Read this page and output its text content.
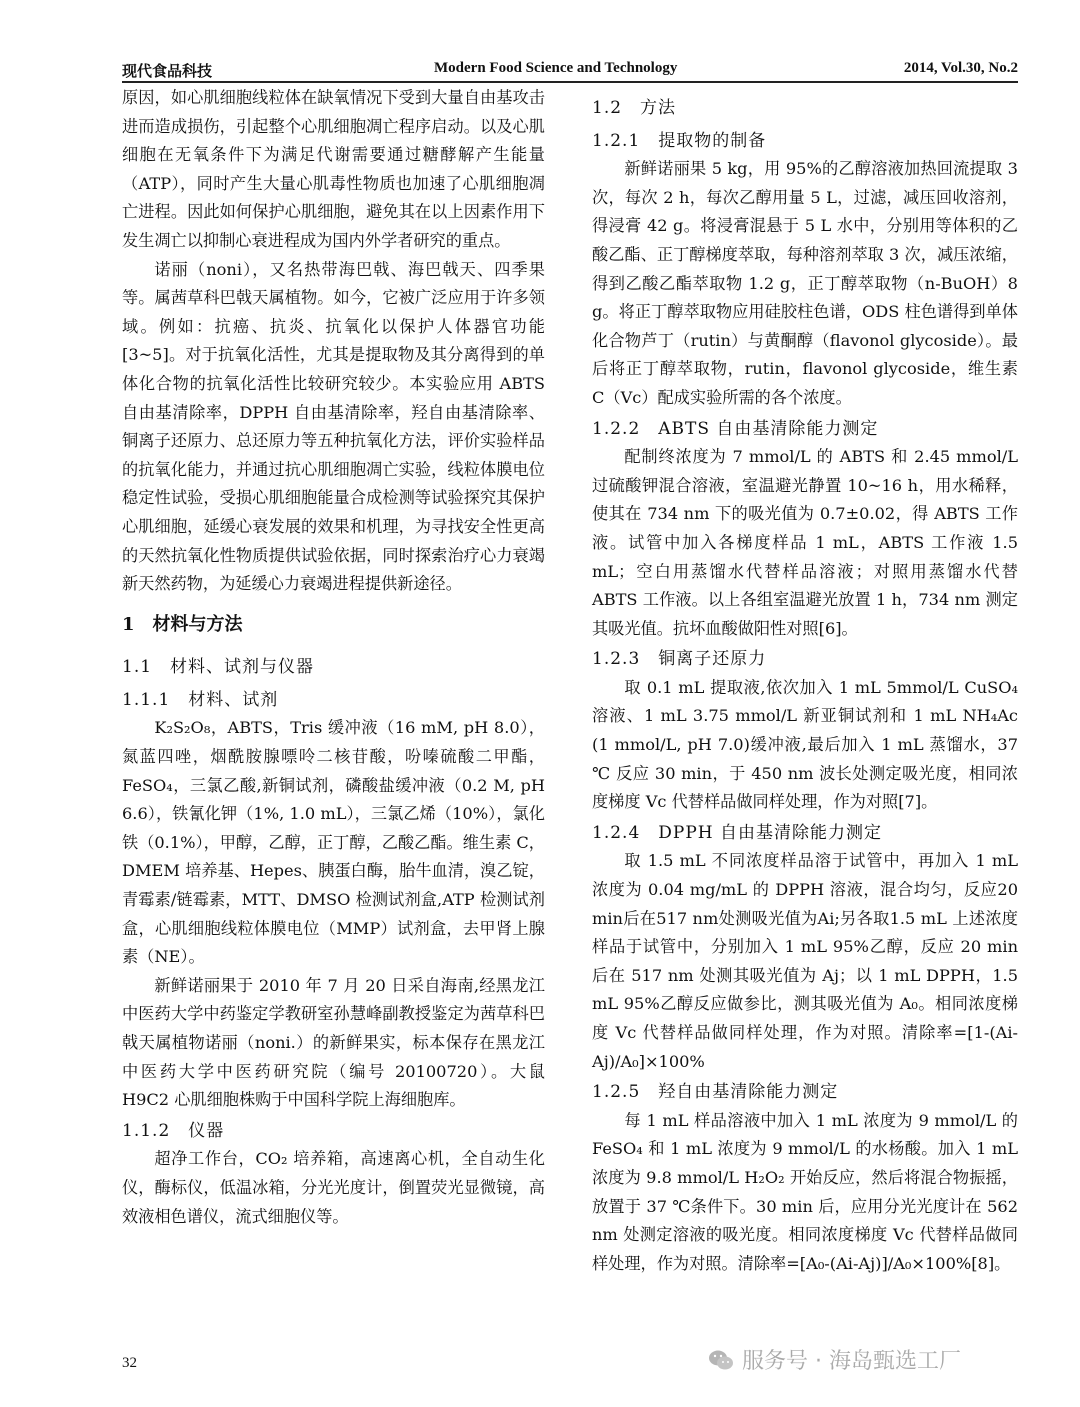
现代食品科技	Modern Food Science and Technology	2014, Vol.30, No.2

原因，如心肌细胞线粒体在缺氧情况下受到大量自由基攻击进而造成损伤，引起整个心肌细胞凋亡程序启动。以及心肌细胞在无氧条件下为满足代谢需要通过糖酵解产生能量（ATP），同时产生大量心肌毒性物质也加速了心肌细胞凋亡进程。因此如何保护心肌细胞，避免其在以上因素作用下发生凋亡以抑制心衰进程成为国内外学者研究的重点。

诺丽（noni），又名热带海巴戟、海巴戟天、四季果等。属茜草科巴戟天属植物。如今，它被广泛应用于许多领域。例如：抗癌、抗炎、抗氧化以保护人体器官功能[3~5]。对于抗氧化活性，尤其是提取物及其分离得到的单体化合物的抗氧化活性比较研究较少。本实验应用 ABTS 自由基清除率，DPPH 自由基清除率，羟自由基清除率、铜离子还原力、总还原力等五种抗氧化方法，评价实验样品的抗氧化能力，并通过抗心肌细胞凋亡实验，线粒体膜电位稳定性试验，受损心肌细胞能量合成检测等试验探究其保护心肌细胞，延缓心衰发展的效果和机理，为寻找安全性更高的天然抗氧化性物质提供试验依据，同时探索治疗心力衰竭新天然药物，为延缓心力衰竭进程提供新途径。

1　材料与方法

1.1　材料、试剂与仪器

1.1.1　材料、试剂

K₂S₂O₈，ABTS，Tris 缓冲液（16 mM, pH 8.0），氮蓝四唑，烟酰胺腺嘌呤二核苷酸，吩嗪硫酸二甲酯，FeSO₄，三氯乙酸,新铜试剂，磷酸盐缓冲液（0.2 M, pH 6.6），铁氰化钾（1%, 1.0 mL），三氯乙烯（10%），氯化铁（0.1%），甲醇，乙醇，正丁醇，乙酸乙酯。维生素 C，DMEM 培养基、Hepes、胰蛋白酶，胎牛血清，溴乙锭，青霉素/链霉素，MTT、DMSO 检测试剂盒,ATP 检测试剂盒，心肌细胞线粒体膜电位（MMP）试剂盒，去甲肾上腺素（NE）。

新鲜诺丽果于 2010 年 7 月 20 日采自海南,经黑龙江中医药大学中药鉴定学教研室孙慧峰副教授鉴定为茜草科巴戟天属植物诺丽（noni.）的新鲜果实，标本保存在黑龙江中医药大学中医药研究院（编号 20100720）。大鼠 H9C2 心肌细胞株购于中国科学院上海细胞库。

1.1.2　仪器

超净工作台，CO₂ 培养箱，高速离心机，全自动生化仪，酶标仪，低温冰箱，分光光度计，倒置荧光显微镜，高效液相色谱仪，流式细胞仪等。

1.2　方法

1.2.1　提取物的制备

新鲜诺丽果 5 kg，用 95%的乙醇溶液加热回流提取 3 次，每次 2 h，每次乙醇用量 5 L，过滤，减压回收溶剂，得浸膏 42 g。将浸膏混悬于 5 L 水中，分别用等体积的乙酸乙酯、正丁醇梯度萃取，每种溶剂萃取 3 次，减压浓缩，得到乙酸乙酯萃取物 1.2 g，正丁醇萃取物（n-BuOH）8 g。将正丁醇萃取物应用硅胶柱色谱，ODS 柱色谱得到单体化合物芦丁（rutin）与黄酮醇（flavonol glycoside）。最后将正丁醇萃取物，rutin，flavonol glycoside，维生素 C（Vc）配成实验所需的各个浓度。

1.2.2　ABTS 自由基清除能力测定

配制终浓度为 7 mmol/L 的 ABTS 和 2.45 mmol/L 过硫酸钾混合溶液，室温避光静置 10~16 h，用水稀释，使其在 734 nm 下的吸光值为 0.7±0.02，得 ABTS 工作液。试管中加入各梯度样品 1 mL，ABTS 工作液 1.5 mL；空白用蒸馏水代替样品溶液；对照用蒸馏水代替 ABTS 工作液。以上各组室温避光放置 1 h，734 nm 测定其吸光值。抗坏血酸做阳性对照[6]。

1.2.3　铜离子还原力

取 0.1 mL 提取液,依次加入 1 mL 5mmol/L CuSO₄ 溶液、1 mL 3.75 mmol/L 新亚铜试剂和 1 mL NH₄Ac (1 mmol/L, pH 7.0)缓冲液,最后加入 1 mL 蒸馏水，37 ℃ 反应 30 min，于 450 nm 波长处测定吸光度，相同浓度梯度 Vc 代替样品做同样处理，作为对照[7]。

1.2.4　DPPH 自由基清除能力测定

取 1.5 mL 不同浓度样品溶于试管中，再加入 1 mL 浓度为 0.04 mg/mL 的 DPPH 溶液，混合均匀，反应20 min后在517 nm处测吸光值为Ai;另各取1.5 mL 上述浓度样品于试管中，分别加入 1 mL 95%乙醇，反应 20 min 后在 517 nm 处测其吸光值为 Aj；以 1 mL DPPH，1.5 mL 95%乙醇反应做参比，测其吸光值为 A₀。相同浓度梯度 Vc 代替样品做同样处理，作为对照。清除率=[1-(Ai-Aj)/A₀]×100%

1.2.5　羟自由基清除能力测定

每 1 mL 样品溶液中加入 1 mL 浓度为 9 mmol/L 的 FeSO₄ 和 1 mL 浓度为 9 mmol/L 的水杨酸。加入 1 mL 浓度为 9.8 mmol/L H₂O₂ 开始反应，然后将混合物振摇，放置于 37 ℃条件下。30 min 后，应用分光光度计在 562 nm 处测定溶液的吸光度。相同浓度梯度 Vc 代替样品做同样处理，作为对照。清除率=[A₀-(Ai-Aj)]/A₀×100%[8]。

32	服务号 · 海岛甄选工厂
